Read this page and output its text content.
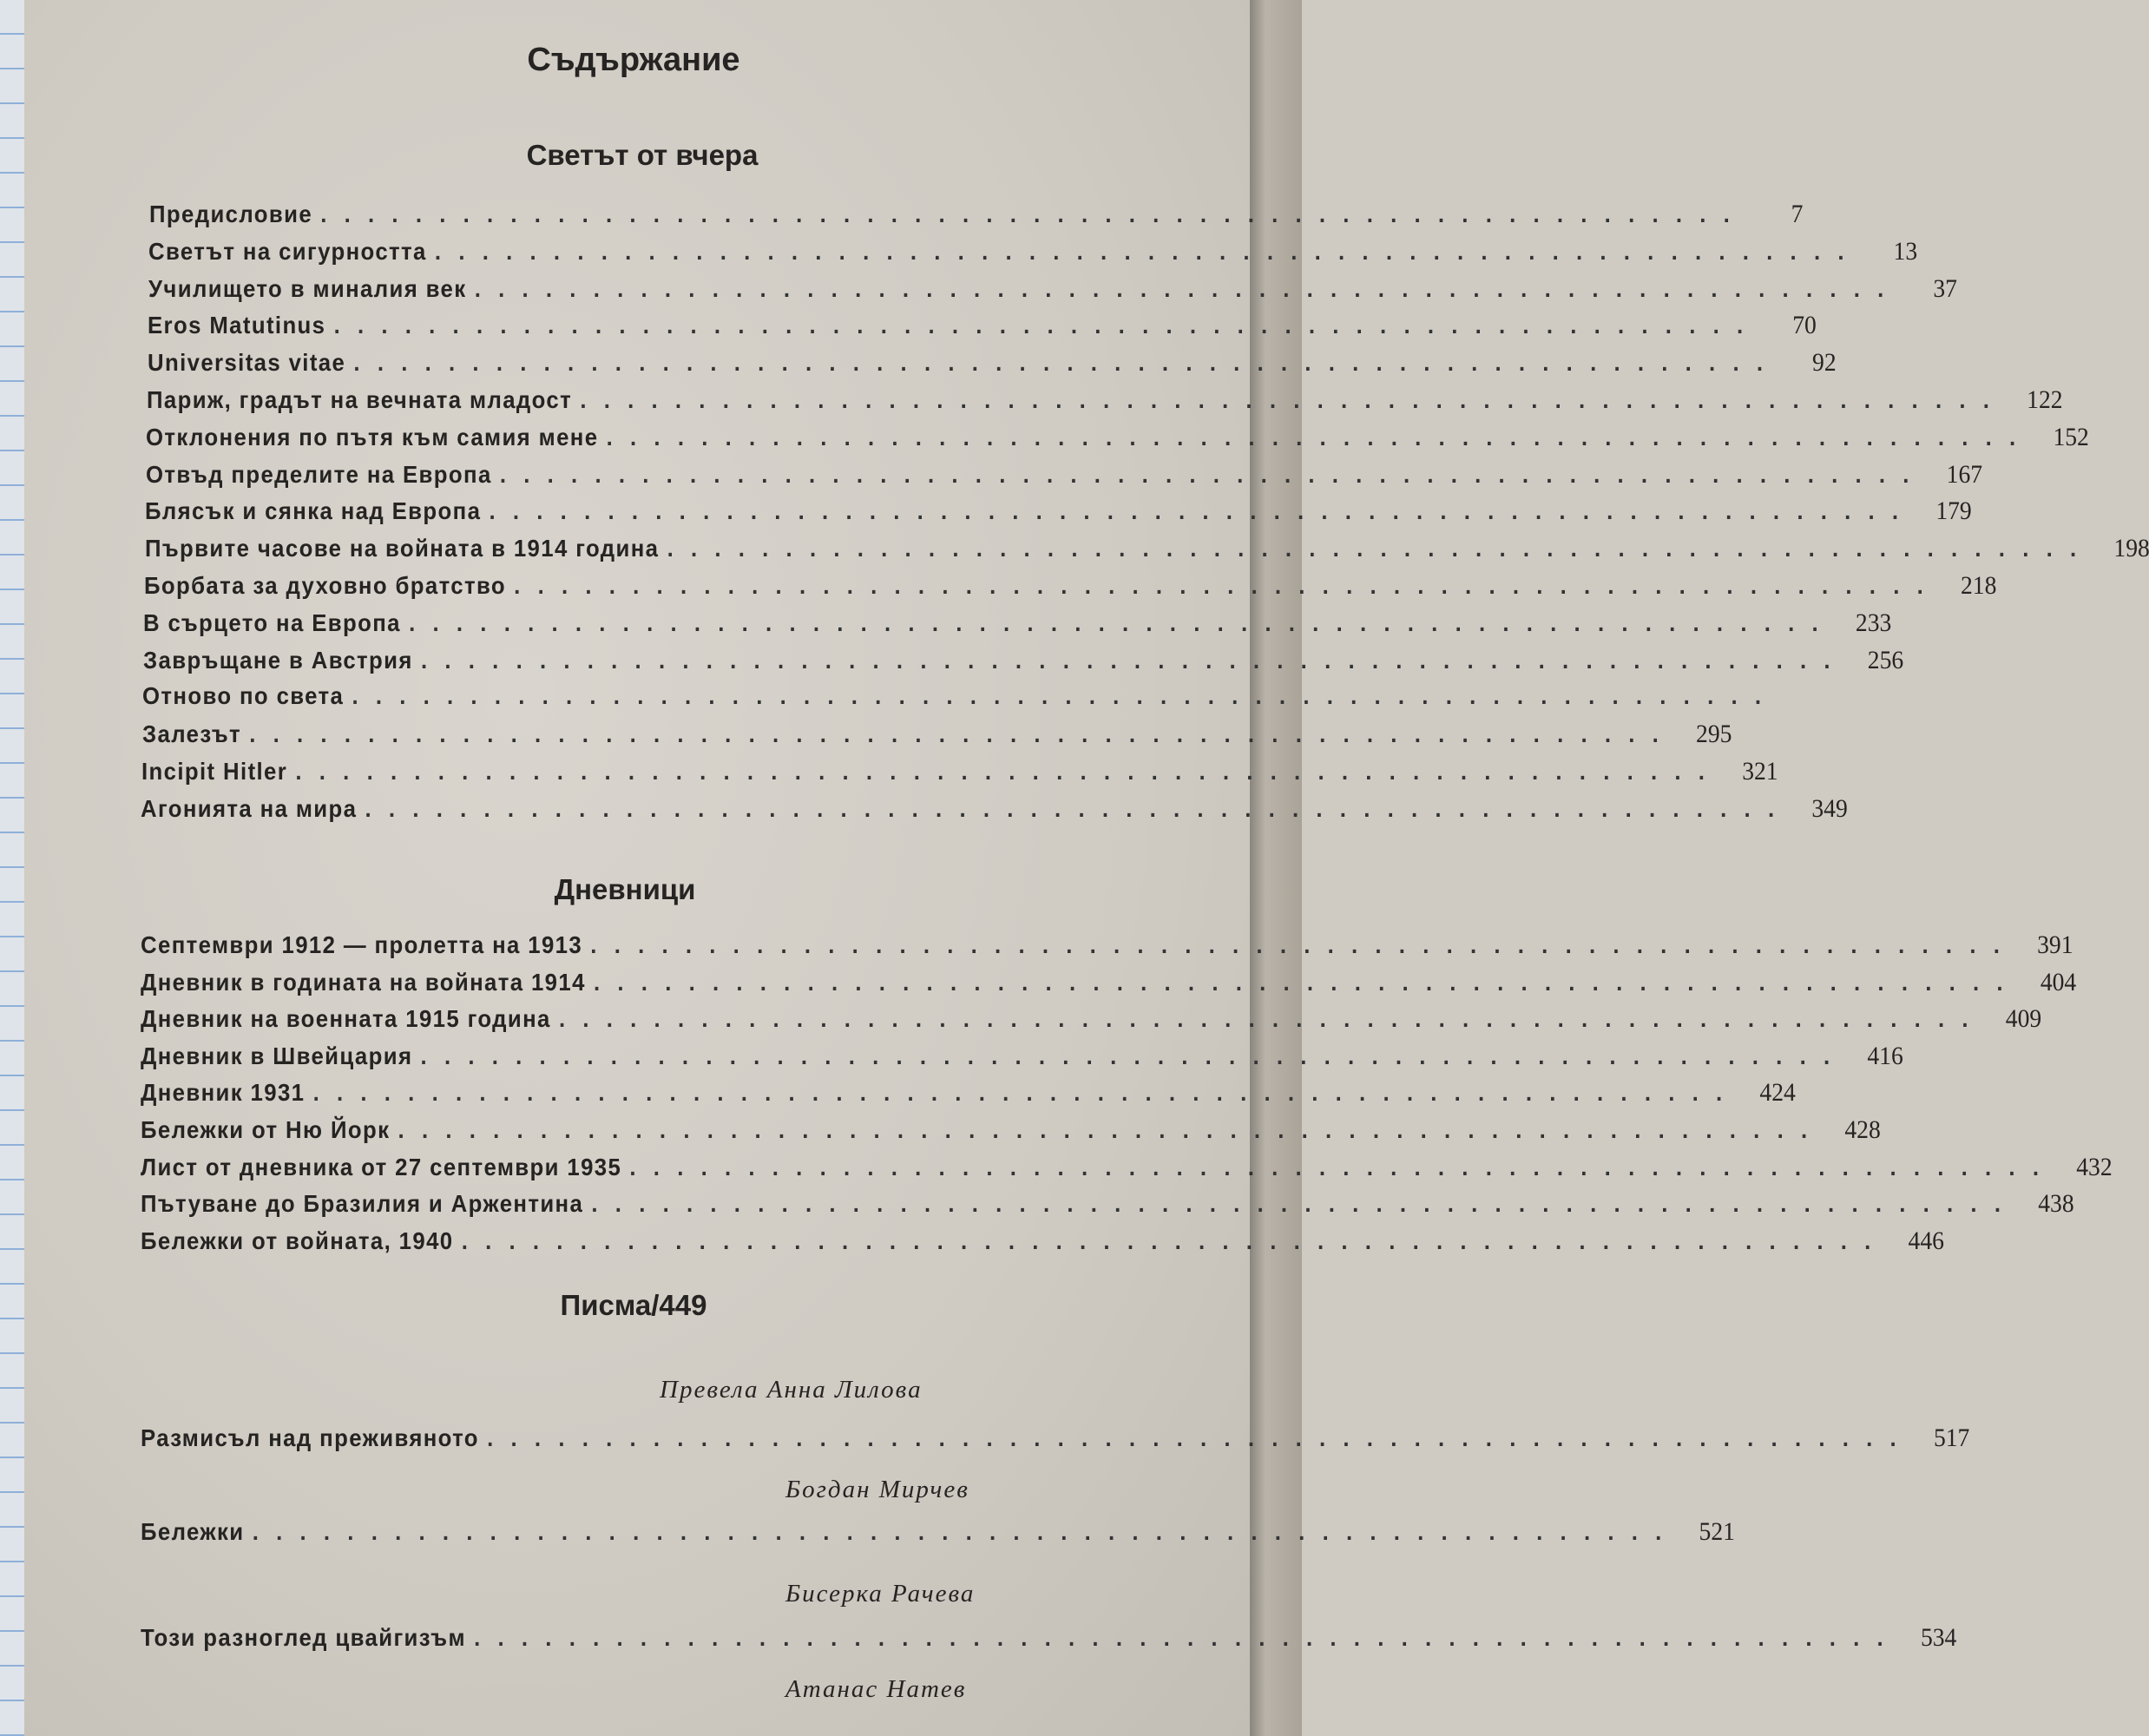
Съдържание
Светът от вчера
Предисловие ............................................................	7
Светът на сигурността ............................................................	13
Училището в миналия век ............................................................	37
Eros Matutinus ............................................................	70
Universitas vitae ............................................................	92
Париж, градът на вечната младост ............................................................ 122
Отклонения по пътя към самия мене ............................................................ 152
Отвъд пределите на Европа ............................................................ 167
Блясък и сянка над Европа ............................................................ 179
Първите часове на войната в 1914 година ............................................................ 198
Борбата за духовно братство ............................................................ 218
В сърцето на Европа ............................................................ 233
Завръщане в Австрия ............................................................ 256
Отново по света ............................................................
Залезът ............................................................ 295
Incipit Hitler ............................................................ 321
Агонията на мира ............................................................ 349
Дневници
Септември 1912 — пролетта на 1913 ............................................................ 391
Дневник в годината на войната 1914 ............................................................ 404
Дневник на военната 1915 година ............................................................ 409
Дневник в Швейцария ............................................................ 416
Дневник 1931 ............................................................ 424
Бележки от Ню Йорк ............................................................ 428
Лист от дневника от 27 септември 1935 ............................................................ 432
Пътуване до Бразилия и Аржентина ............................................................ 438
Бележки от войната, 1940 ............................................................ 446
Писма/449
Превела Анна Лилова
Размисъл над преживяното ............................................................ 517
Богдан Мирчев
Бележки ............................................................ 521
Бисерка Рачева
Този разноглед цвайгизъм ............................................................ 534
Атанас Натев
